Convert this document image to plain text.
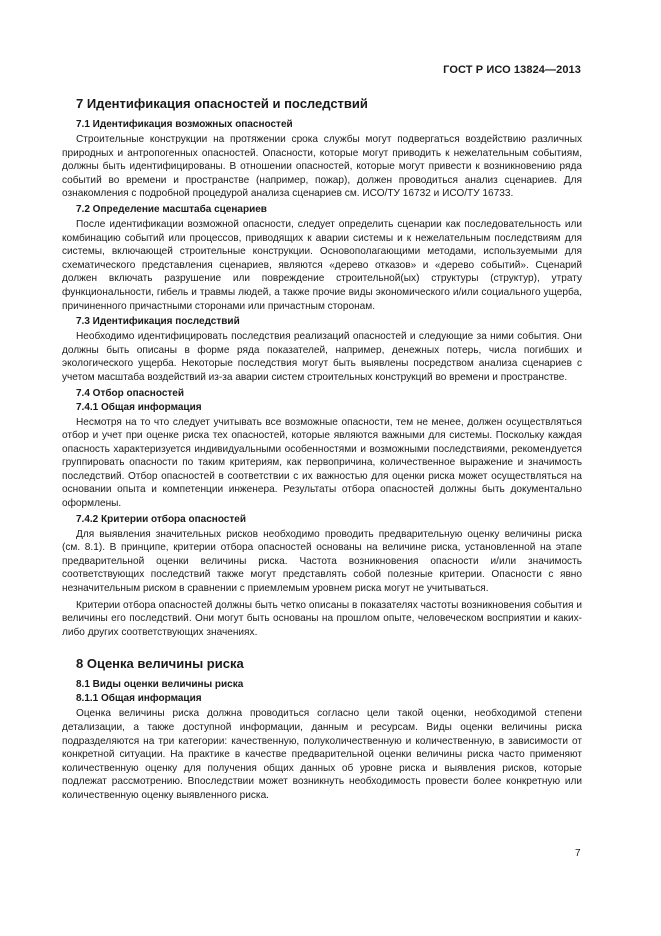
ГОСТ Р ИСО 13824—2013
7 Идентификация опасностей и последствий
7.1 Идентификация возможных опасностей
Строительные конструкции на протяжении срока службы могут подвергаться воздействию различных природных и антропогенных опасностей. Опасности, которые могут приводить к нежелательным событиям, должны быть идентифицированы. В отношении опасностей, которые могут привести к возникновению ряда событий во времени и пространстве (например, пожар), должен проводиться анализ сценариев. Для ознакомления с подробной процедурой анализа сценариев см. ИСО/ТУ 16732 и ИСО/ТУ 16733.
7.2 Определение масштаба сценариев
После идентификации возможной опасности, следует определить сценарии как последовательность или комбинацию событий или процессов, приводящих к аварии системы и к нежелательным последствиям для системы, включающей строительные конструкции. Основополагающими методами, используемыми для схематического представления сценариев, являются «дерево отказов» и «дерево событий». Сценарий должен включать разрушение или повреждение строительной(ых) структуры (структур), утрату функциональности, гибель и травмы людей, а также прочие виды экономического и/или социального ущерба, причиненного причастными сторонами или причастным сторонам.
7.3 Идентификация последствий
Необходимо идентифицировать последствия реализаций опасностей и следующие за ними события. Они должны быть описаны в форме ряда показателей, например, денежных потерь, числа погибших и экологического ущерба. Некоторые последствия могут быть выявлены посредством анализа сценариев с учетом масштаба воздействий из-за аварии систем строительных конструкций во времени и пространстве.
7.4 Отбор опасностей
7.4.1 Общая информация
Несмотря на то что следует учитывать все возможные опасности, тем не менее, должен осуществляться отбор и учет при оценке риска тех опасностей, которые являются важными для системы. Поскольку каждая опасность характеризуется индивидуальными особенностями и возможными последствиями, рекомендуется группировать опасности по таким критериям, как первопричина, количественное выражение и значимость последствий. Отбор опасностей в соответствии с их важностью для оценки риска может осуществляться на основании опыта и компетенции инженера. Результаты отбора опасностей должны быть документально оформлены.
7.4.2 Критерии отбора опасностей
Для выявления значительных рисков необходимо проводить предварительную оценку величины риска (см. 8.1). В принципе, критерии отбора опасностей основаны на величине риска, установленной на этапе предварительной оценки величины риска. Частота возникновения опасности и/или значимость соответствующих последствий также могут представлять собой полезные критерии. Опасности с явно незначительным риском в сравнении с приемлемым уровнем риска могут не учитываться.
Критерии отбора опасностей должны быть четко описаны в показателях частоты возникновения события и величины его последствий. Они могут быть основаны на прошлом опыте, человеческом восприятии и каких-либо других соответствующих значениях.
8 Оценка величины риска
8.1 Виды оценки величины риска
8.1.1 Общая информация
Оценка величины риска должна проводиться согласно цели такой оценки, необходимой степени детализации, а также доступной информации, данным и ресурсам. Виды оценки величины риска подразделяются на три категории: качественную, полуколичественную и количественную, в зависимости от конкретной ситуации. На практике в качестве предварительной оценки величины риска часто применяют количественную оценку для получения общих данных об уровне риска и выявления рисков, которые подлежат рассмотрению. Впоследствии может возникнуть необходимость провести более конкретную или количественную оценку выявленного риска.
7
